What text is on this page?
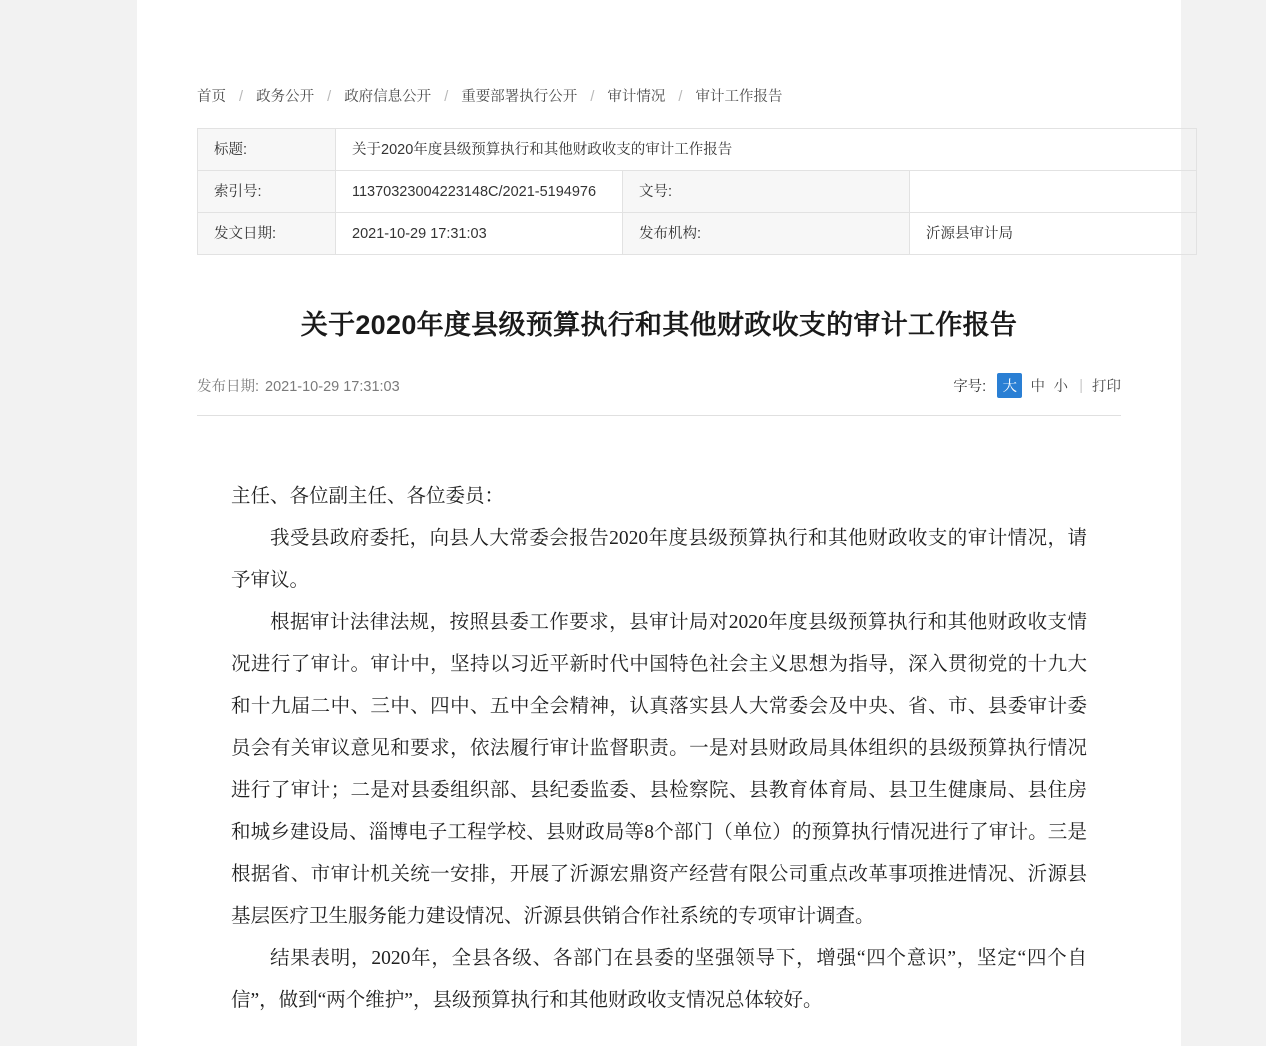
首页 / 政务公开 / 政府信息公开 / 重要部署执行公开 / 审计情况 / 审计工作报告
标题:	关于2020年度县级预算执行和其他财政收支的审计工作报告		
索引号:	11370323004223148C/2021-5194976	文号:	
发文日期:	2021-10-29 17:31:03	发布机构:	沂源县审计局
关于2020年度县级预算执行和其他财政收支的审计工作报告
发布日期: 2021-10-29 17:31:03	字号:	大 中 小 | 打印

主任、各位副主任、各位委员：

我受县政府委托，向县人大常委会报告2020年度县级预算执行和其他财政收支的审计情况，请予审议。

根据审计法律法规，按照县委工作要求，县审计局对2020年度县级预算执行和其他财政收支情况进行了审计。审计中，坚持以习近平新时代中国特色社会主义思想为指导，深入贯彻党的十九大和十九届二中、三中、四中、五中全会精神，认真落实县人大常委会及中央、省、市、县委审计委员会有关审议意见和要求，依法履行审计监督职责。一是对县财政局具体组织的县级预算执行情况进行了审计；二是对县委组织部、县纪委监委、县检察院、县教育体育局、县卫生健康局、县住房和城乡建设局、淄博电子工程学校、县财政局等8个部门（单位）的预算执行情况进行了审计。三是根据省、市审计机关统一安排，开展了沂源宏鼎资产经营有限公司重点改革事项推进情况、沂源县基层医疗卫生服务能力建设情况、沂源县供销合作社系统的专项审计调查。

结果表明，2020年，全县各级、各部门在县委的坚强领导下，增强“四个意识”，坚定“四个自信”，做到“两个维护”，县级预算执行和其他财政收支情况总体较好。
